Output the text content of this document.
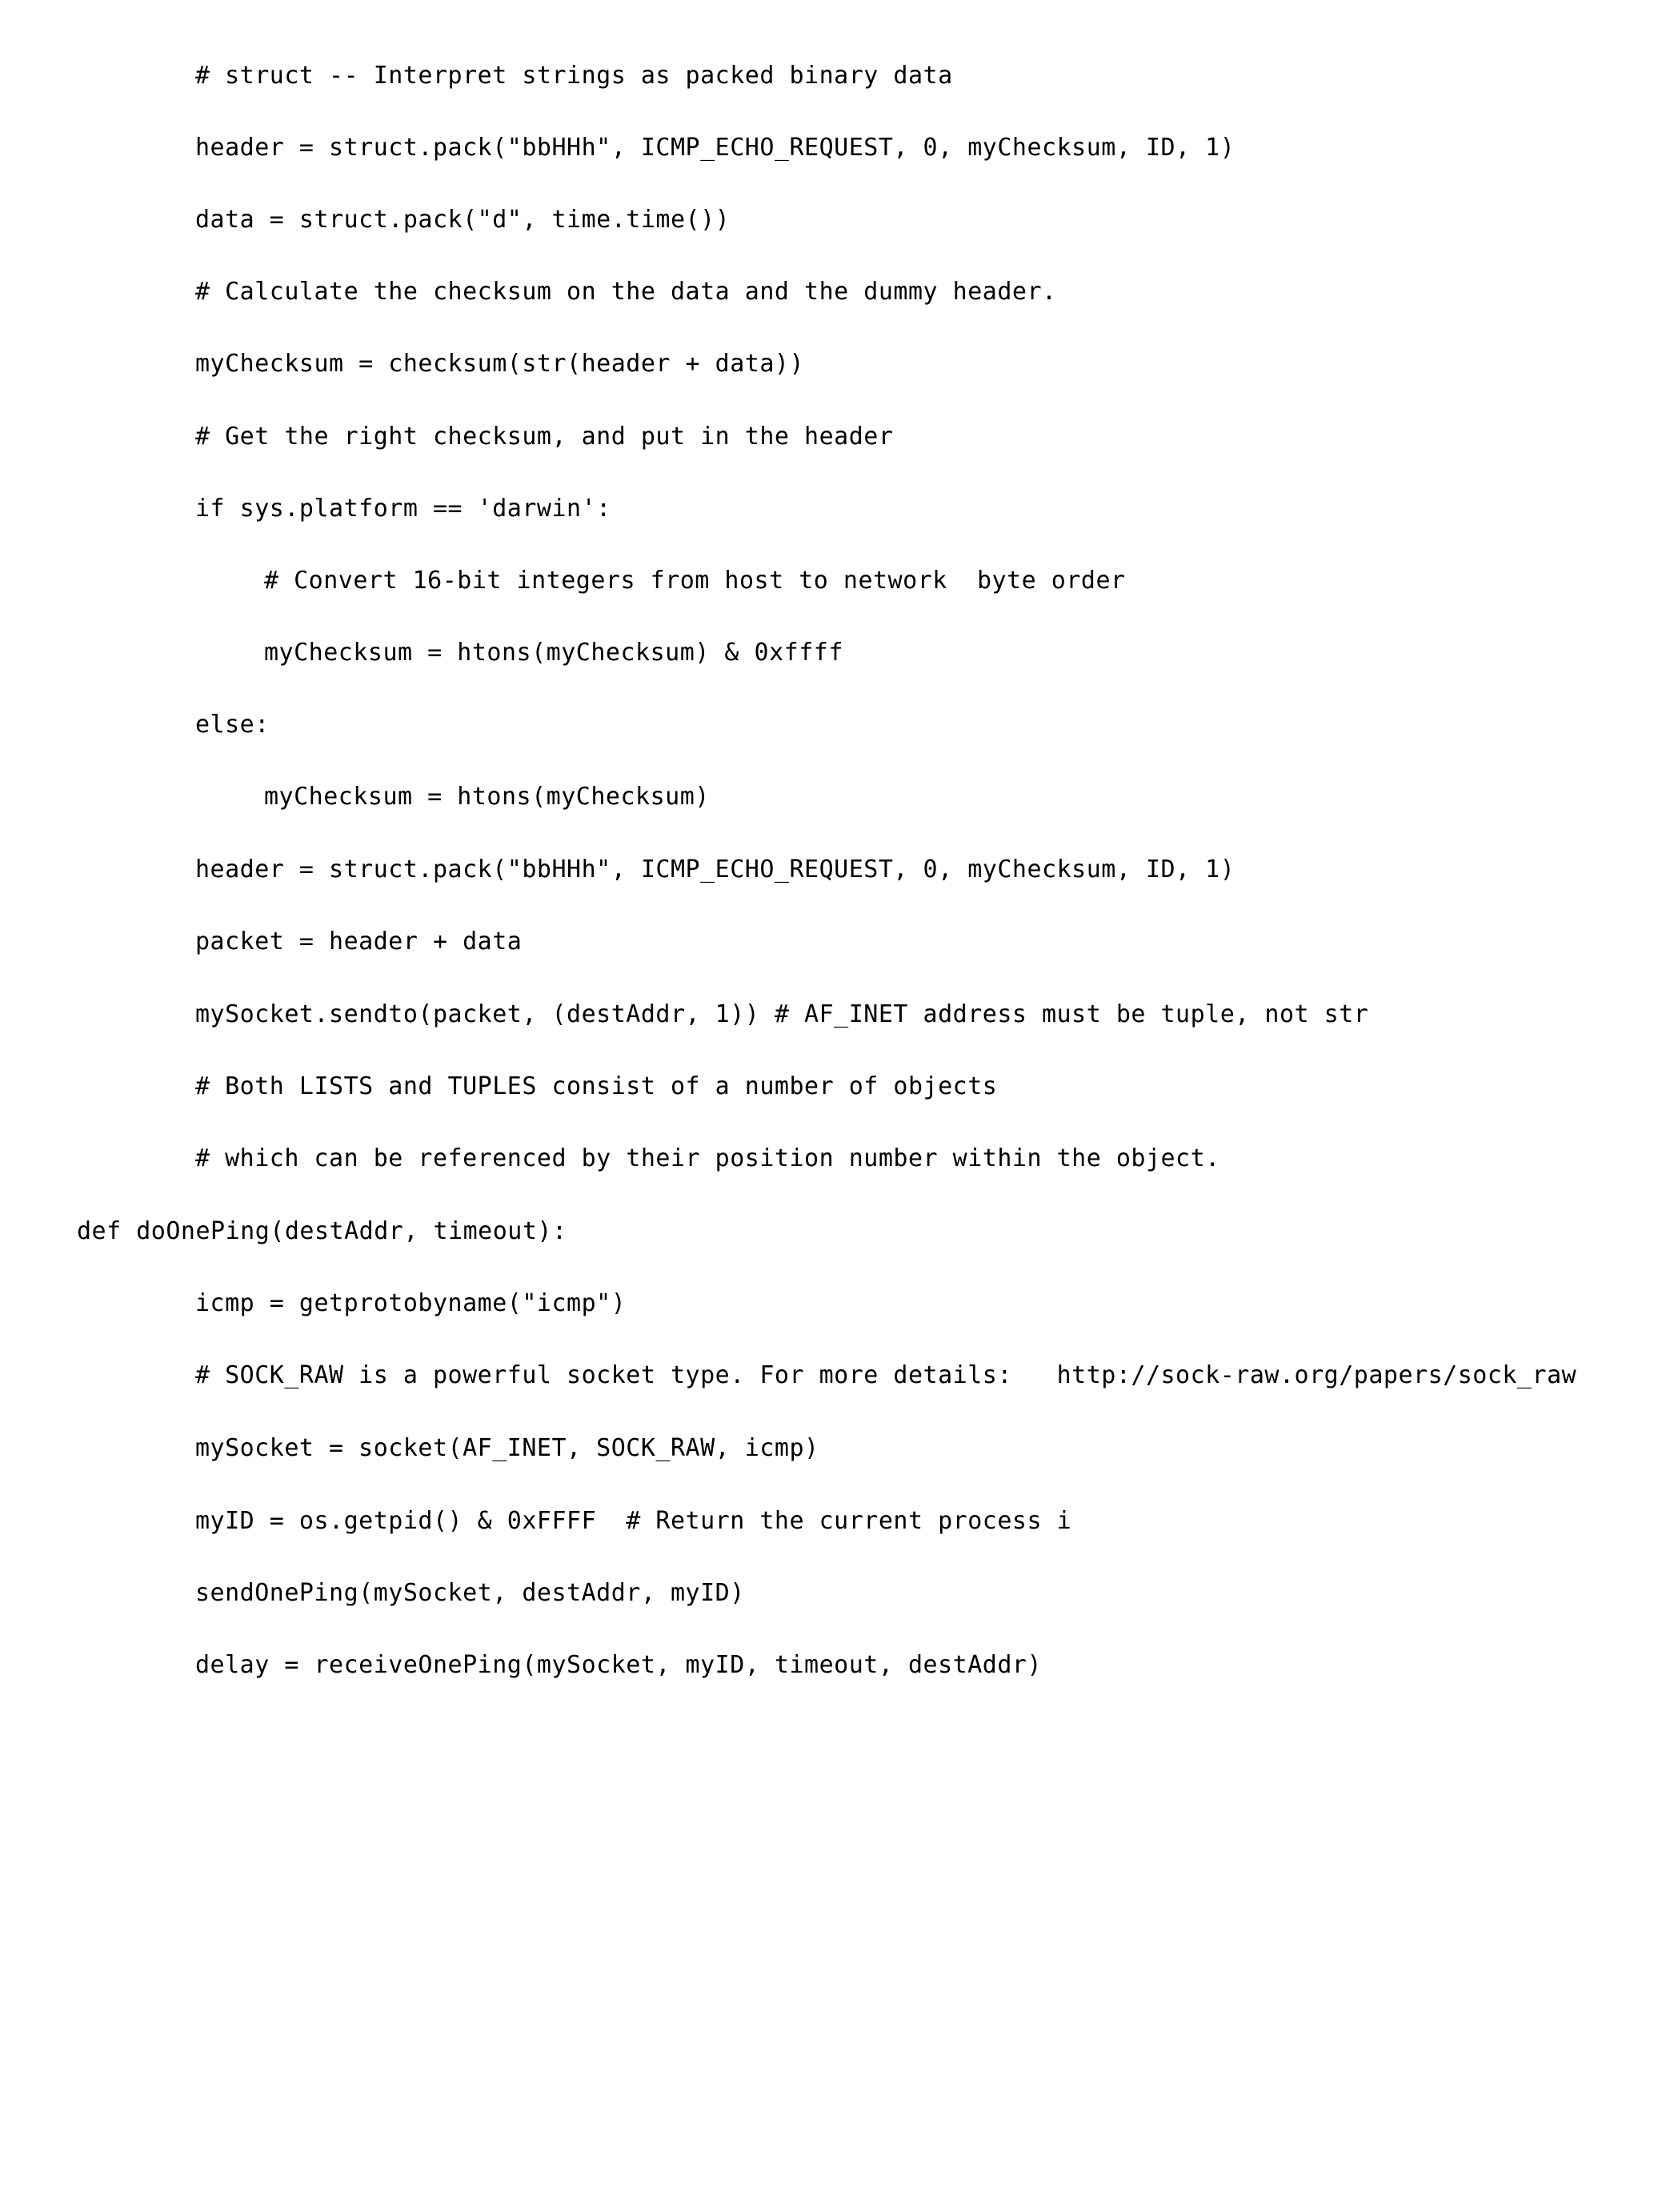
# struct -- Interpret strings as packed binary data
header = struct.pack("bbHHh", ICMP_ECHO_REQUEST, 0, myChecksum, ID, 1)
data = struct.pack("d", time.time())
# Calculate the checksum on the data and the dummy header.
myChecksum = checksum(str(header + data))
# Get the right checksum, and put in the header
if sys.platform == 'darwin':
# Convert 16-bit integers from host to network  byte order
myChecksum = htons(myChecksum) & 0xffff
else:
myChecksum = htons(myChecksum)
header = struct.pack("bbHHh", ICMP_ECHO_REQUEST, 0, myChecksum, ID, 1)
packet = header + data
mySocket.sendto(packet, (destAddr, 1)) # AF_INET address must be tuple, not str
# Both LISTS and TUPLES consist of a number of objects
# which can be referenced by their position number within the object.
def doOnePing(destAddr, timeout):
icmp = getprotobyname("icmp")
# SOCK_RAW is a powerful socket type. For more details:   http://sock-raw.org/papers/sock_raw
mySocket = socket(AF_INET, SOCK_RAW, icmp)
myID = os.getpid() & 0xFFFF  # Return the current process i
sendOnePing(mySocket, destAddr, myID)
delay = receiveOnePing(mySocket, myID, timeout, destAddr)
